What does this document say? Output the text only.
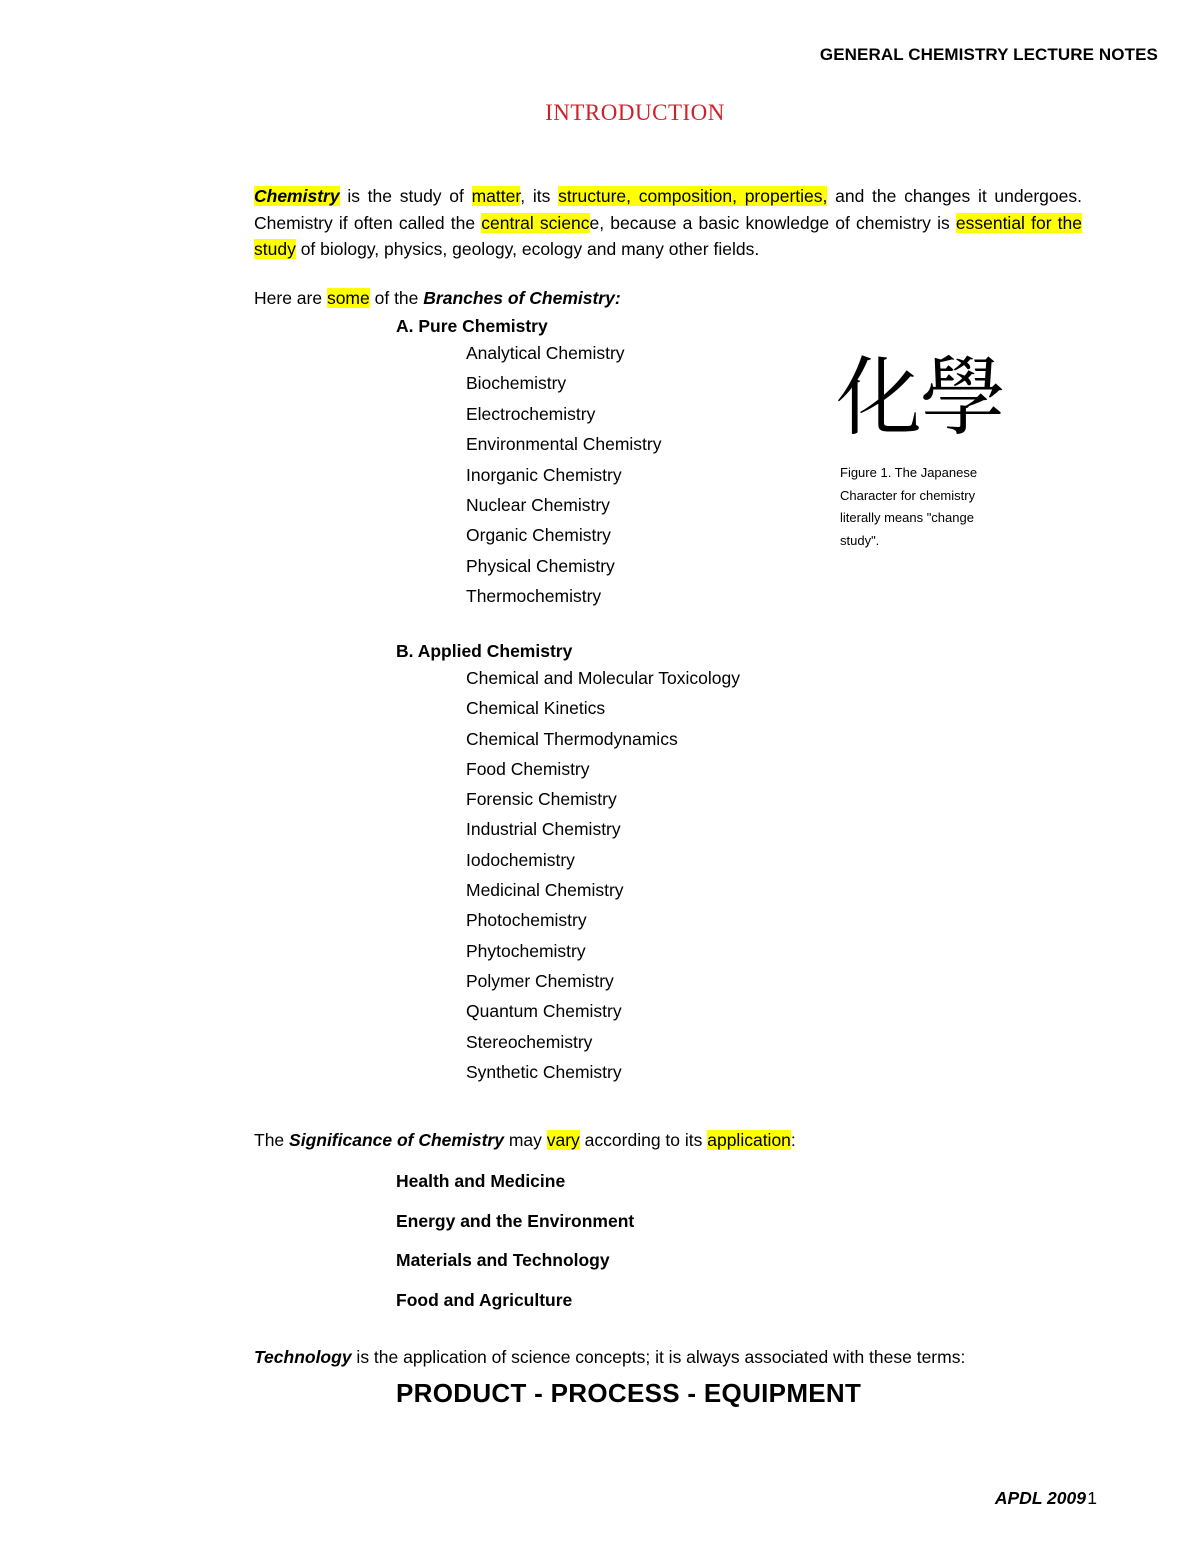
GENERAL CHEMISTRY LECTURE NOTES
INTRODUCTION

Chemistry is the study of matter, its structure, composition, properties, and the changes it undergoes. Chemistry if often called the central science, because a basic knowledge of chemistry is essential for the study of biology, physics, geology, ecology and many other fields.

Here are some of the Branches of Chemistry:
A. Pure Chemistry
Analytical Chemistry
Biochemistry
Electrochemistry
Environmental Chemistry
Inorganic Chemistry
Nuclear Chemistry
Organic Chemistry
Physical Chemistry
Thermochemistry
化學
Figure 1. The Japanese Character for chemistry literally means "change study".
B. Applied Chemistry
Chemical and Molecular Toxicology
Chemical Kinetics
Chemical Thermodynamics
Food Chemistry
Forensic Chemistry
Industrial Chemistry
Iodochemistry
Medicinal Chemistry
Photochemistry
Phytochemistry
Polymer Chemistry
Quantum Chemistry
Stereochemistry
Synthetic Chemistry
The Significance of Chemistry may vary according to its application:
Health and Medicine
Energy and the Environment
Materials and Technology
Food and Agriculture
Technology is the application of science concepts; it is always associated with these terms:
PRODUCT - PROCESS - EQUIPMENT
APDL 2009 1
